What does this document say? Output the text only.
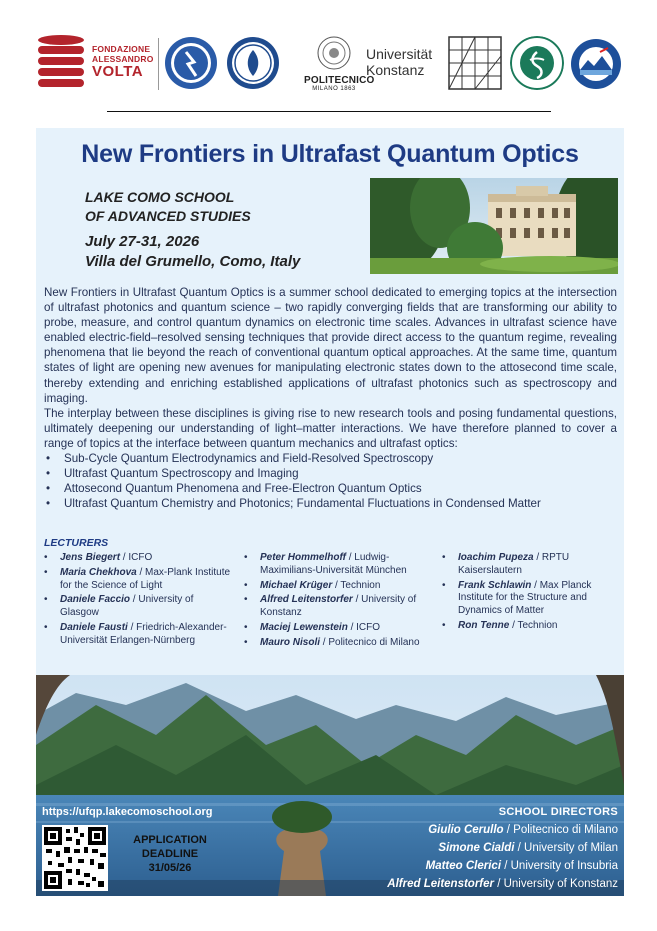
FONDAZIONE
ALESSANDRO
VOLTA
POLITECNICO
MILANO 1863
Universität
Konstanz
New Frontiers in Ultrafast Quantum Optics
LAKE COMO SCHOOL
OF ADVANCED STUDIES
July 27-31, 2026
Villa del Grumello, Como, Italy

New Frontiers in Ultrafast Quantum Optics is a summer school dedicated to emerging topics at the intersection of ultrafast photonics and quantum science – two rapidly converging fields that are transforming our ability to probe, measure, and control quantum dynamics on electronic time scales. Advances in ultrafast science have enabled electric-field–resolved sensing techniques that provide direct access to the quantum regime, revealing phenomena that lie beyond the reach of conventional quantum optical approaches. At the same time, quantum states of light are opening new avenues for manipulating electronic states down to the attosecond time scale, thereby extending and enriching established applications of ultrafast photonics such as spectroscopy and imaging.

The interplay between these disciplines is giving rise to new research tools and posing fundamental questions, ultimately deepening our understanding of light–matter interactions. We have therefore planned to cover a range of topics at the interface between quantum mechanics and ultrafast optics:

• Sub-Cycle Quantum Electrodynamics and Field-Resolved Spectroscopy
• Ultrafast Quantum Spectroscopy and Imaging
• Attosecond Quantum Phenomena and Free-Electron Quantum Optics
• Ultrafast Quantum Chemistry and Photonics; Fundamental Fluctuations in Condensed Matter
LECTURERS
• Jens Biegert / ICFO
• Maria Chekhova / Max-Plank Institute for the Science of Light
• Daniele Faccio / University of Glasgow
• Daniele Fausti / Friedrich-Alexander-Universität Erlangen-Nürnberg
• Peter Hommelhoff / Ludwig-Maximilians-Universität München
• Michael Krüger / Technion
• Alfred Leitenstorfer / University of Konstanz
• Maciej Lewenstein / ICFO
• Mauro Nisoli / Politecnico di Milano
• Ioachim Pupeza / RPTU Kaiserslautern
• Frank Schlawin / Max Planck Institute for the Structure and Dynamics of Matter
• Ron Tenne / Technion
https://ufqp.lakecomoschool.org
APPLICATION
DEADLINE
31/05/26
SCHOOL DIRECTORS
Giulio Cerullo / Politecnico di Milano
Simone Cialdi / University of Milan
Matteo Clerici / University of Insubria
Alfred Leitenstorfer / University of Konstanz
